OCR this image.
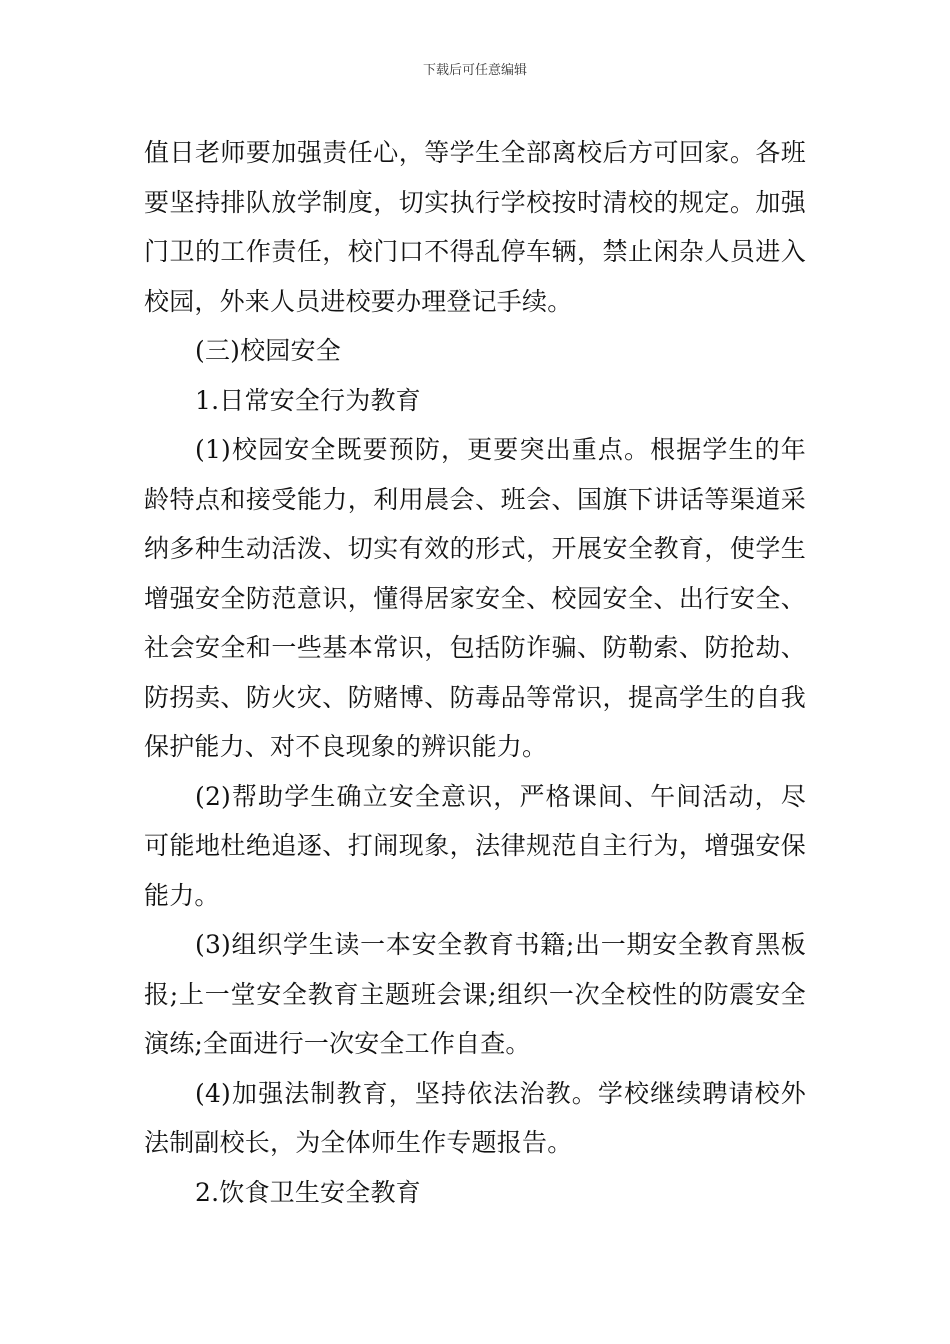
下载后可任意编辑

值日老师要加强责任心，等学生全部离校后方可回家。各班要坚持排队放学制度，切实执行学校按时清校的规定。加强门卫的工作责任，校门口不得乱停车辆，禁止闲杂人员进入校园，外来人员进校要办理登记手续。

(三)校园安全

1.日常安全行为教育

(1)校园安全既要预防，更要突出重点。根据学生的年龄特点和接受能力，利用晨会、班会、国旗下讲话等渠道采纳多种生动活泼、切实有效的形式，开展安全教育，使学生增强安全防范意识，懂得居家安全、校园安全、出行安全、社会安全和一些基本常识，包括防诈骗、防勒索、防抢劫、防拐卖、防火灾、防赌博、防毒品等常识，提高学生的自我保护能力、对不良现象的辨识能力。

(2)帮助学生确立安全意识，严格课间、午间活动，尽可能地杜绝追逐、打闹现象，法律规范自主行为，增强安保能力。

(3)组织学生读一本安全教育书籍;出一期安全教育黑板报;上一堂安全教育主题班会课;组织一次全校性的防震安全演练;全面进行一次安全工作自查。

(4)加强法制教育，坚持依法治教。学校继续聘请校外法制副校长，为全体师生作专题报告。

2.饮食卫生安全教育
